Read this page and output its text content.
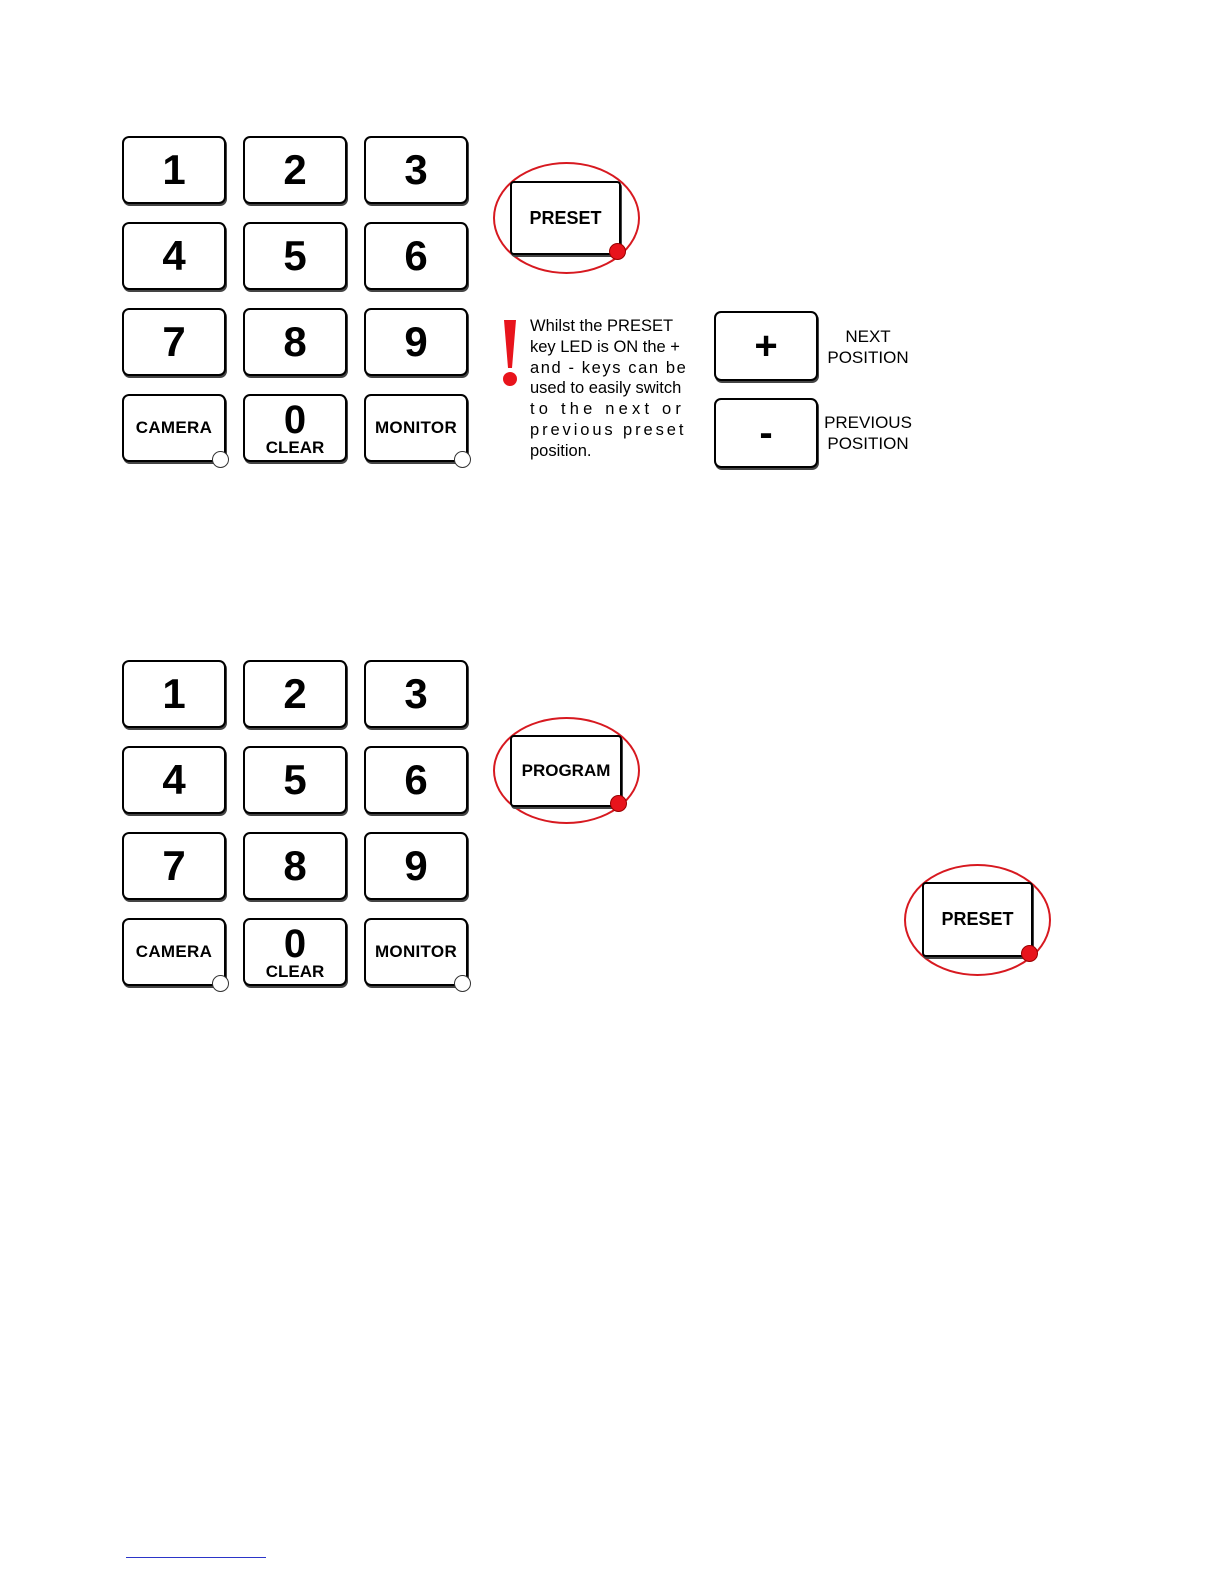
1 2 3
4 5 6
7 8 9
CAMERA 0
CLEAR
MONITOR
PRESET
Whilst the PRESET
key LED is ON the +
and - keys can be
used to easily switch
to the next or
previous preset
position.
+	NEXT
POSITION
-	PREVIOUS
POSITION
1 2 3
4 5 6
7 8 9
CAMERA 0
CLEAR
MONITOR
PROGRAM
PRESET
